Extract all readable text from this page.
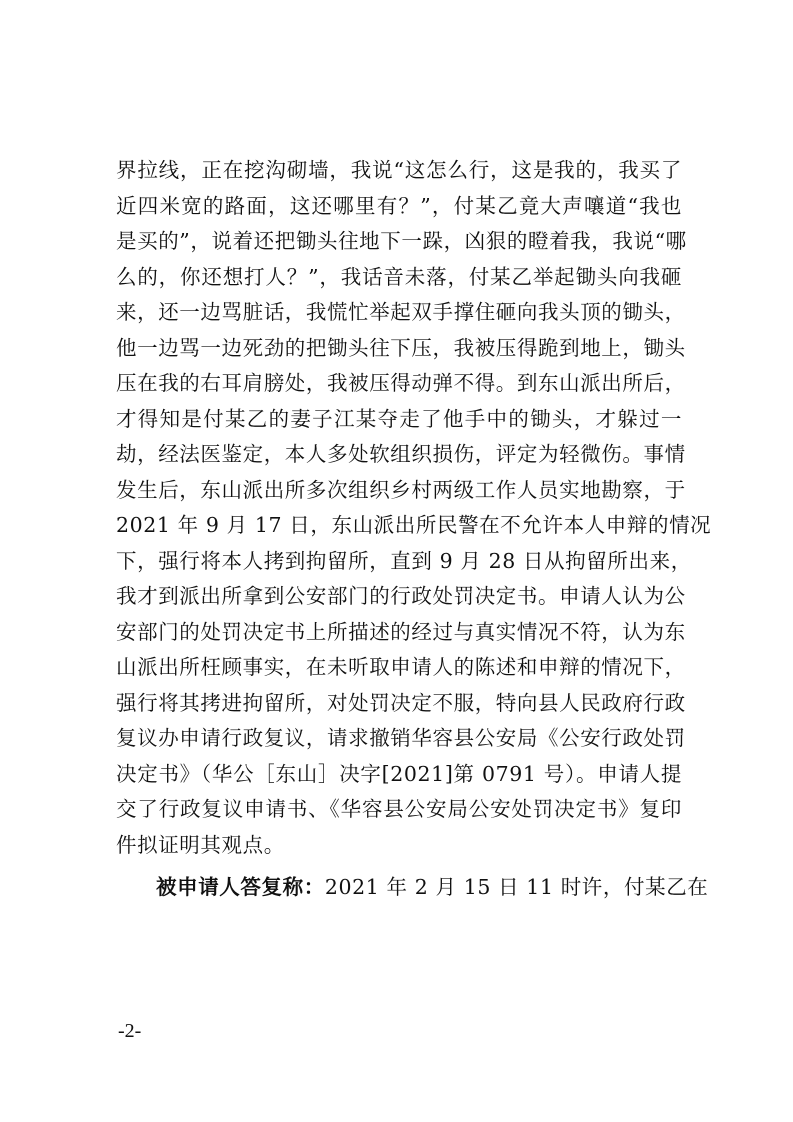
界拉线，正在挖沟砌墙，我说“这怎么行，这是我的，我买了
近四米宽的路面，这还哪里有？”，付某乙竟大声嚷道“我也
是买的”，说着还把锄头往地下一跺，凶狠的瞪着我，我说“哪
么的，你还想打人？”，我话音未落，付某乙举起锄头向我砸
来，还一边骂脏话，我慌忙举起双手撑住砸向我头顶的锄头，
他一边骂一边死劲的把锄头往下压，我被压得跪到地上，锄头
压在我的右耳肩膀处，我被压得动弹不得。到东山派出所后，
才得知是付某乙的妻子江某夺走了他手中的锄头，才躲过一
劫，经法医鉴定，本人多处软组织损伤，评定为轻微伤。事情
发生后，东山派出所多次组织乡村两级工作人员实地勘察，于
2021 年 9 月 17 日，东山派出所民警在不允许本人申辩的情况
下，强行将本人拷到拘留所，直到 9 月 28 日从拘留所出来，
我才到派出所拿到公安部门的行政处罚决定书。申请人认为公
安部门的处罚决定书上所描述的经过与真实情况不符，认为东
山派出所枉顾事实，在未听取申请人的陈述和申辩的情况下，
强行将其拷进拘留所，对处罚决定不服，特向县人民政府行政
复议办申请行政复议，请求撤销华容县公安局《公安行政处罚
决定书》（华公［东山］决字[2021]第 0791 号）。申请人提
交了行政复议申请书、《华容县公安局公安处罚决定书》复印
件拟证明其观点。
被申请人答复称：2021 年 2 月 15 日 11 时许，付某乙在
-2-
